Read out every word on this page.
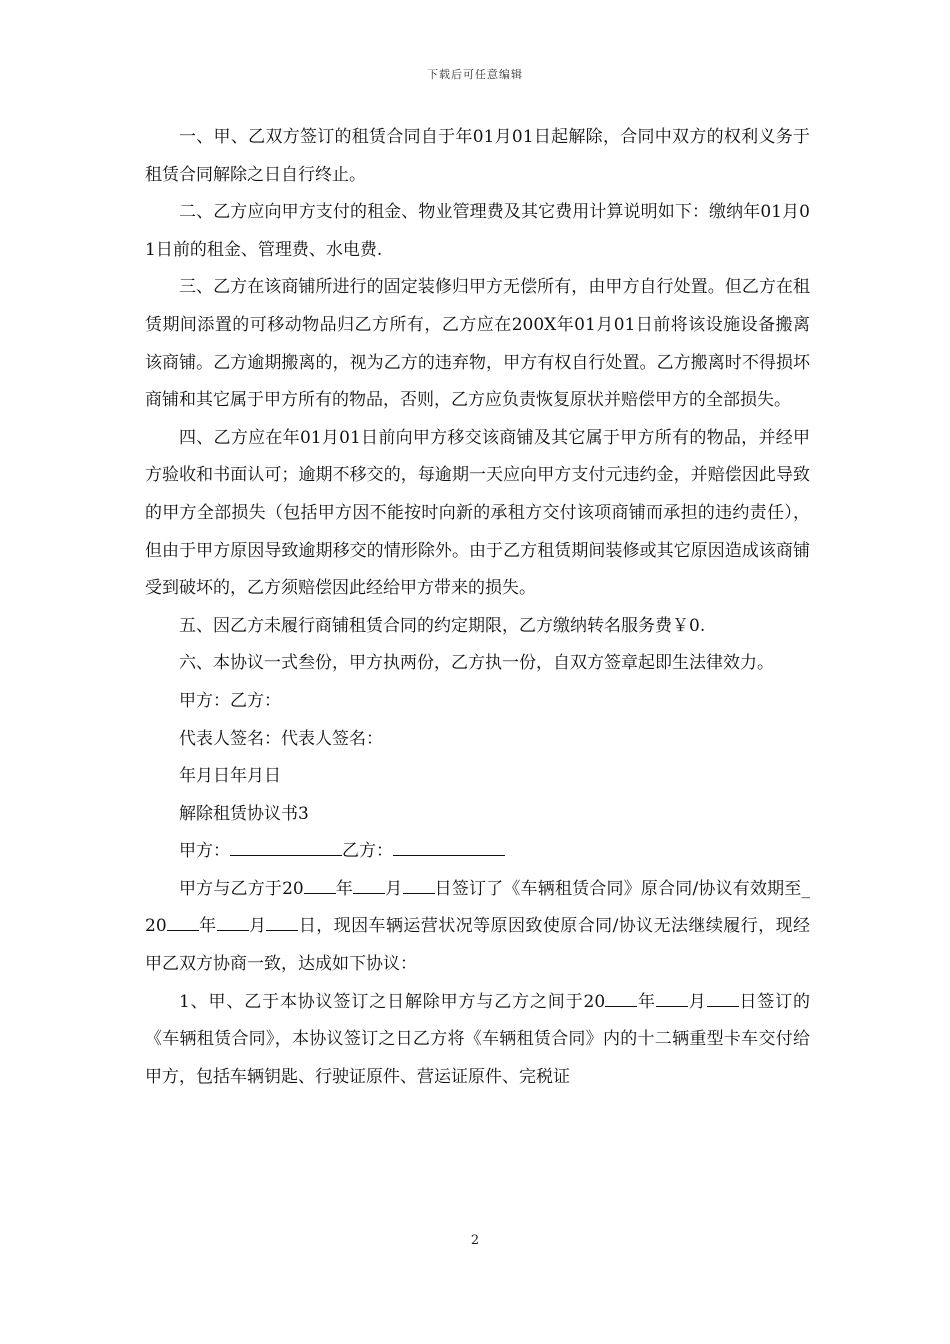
下载后可任意编辑

一、甲、乙双方签订的租赁合同自于年01月01日起解除，合同中双方的权利义务于租赁合同解除之日自行终止。

二、乙方应向甲方支付的租金、物业管理费及其它费用计算说明如下：缴纳年01月01日前的租金、管理费、水电费.

三、乙方在该商铺所进行的固定装修归甲方无偿所有，由甲方自行处置。但乙方在租赁期间添置的可移动物品归乙方所有，乙方应在200X年01月01日前将该设施设备搬离该商铺。乙方逾期搬离的，视为乙方的违弃物，甲方有权自行处置。乙方搬离时不得损坏商铺和其它属于甲方所有的物品，否则，乙方应负责恢复原状并赔偿甲方的全部损失。

四、乙方应在年01月01日前向甲方移交该商铺及其它属于甲方所有的物品，并经甲方验收和书面认可；逾期不移交的，每逾期一天应向甲方支付元违约金，并赔偿因此导致的甲方全部损失（包括甲方因不能按时向新的承租方交付该项商铺而承担的违约责任），但由于甲方原因导致逾期移交的情形除外。由于乙方租赁期间装修或其它原因造成该商铺受到破坏的，乙方须赔偿因此经给甲方带来的损失。

五、因乙方未履行商铺租赁合同的约定期限，乙方缴纳转名服务费￥0.

六、本协议一式叁份，甲方执两份，乙方执一份，自双方签章起即生法律效力。

甲方：乙方：

代表人签名：代表人签名：

年月日年月日

解除租赁协议书3

甲方：	乙方：

甲方与乙方于20 年 月 日签订了《车辆租赁合同》原合同/协议有效期至_20 年 月 日，现因车辆运营状况等原因致使原合同/协议无法继续履行，现经甲乙双方协商一致，达成如下协议：

1、甲、乙于本协议签订之日解除甲方与乙方之间于20 年 月 日签订的《车辆租赁合同》，本协议签订之日乙方将《车辆租赁合同》内的十二辆重型卡车交付给甲方，包括车辆钥匙、行驶证原件、营运证原件、完税证

2
